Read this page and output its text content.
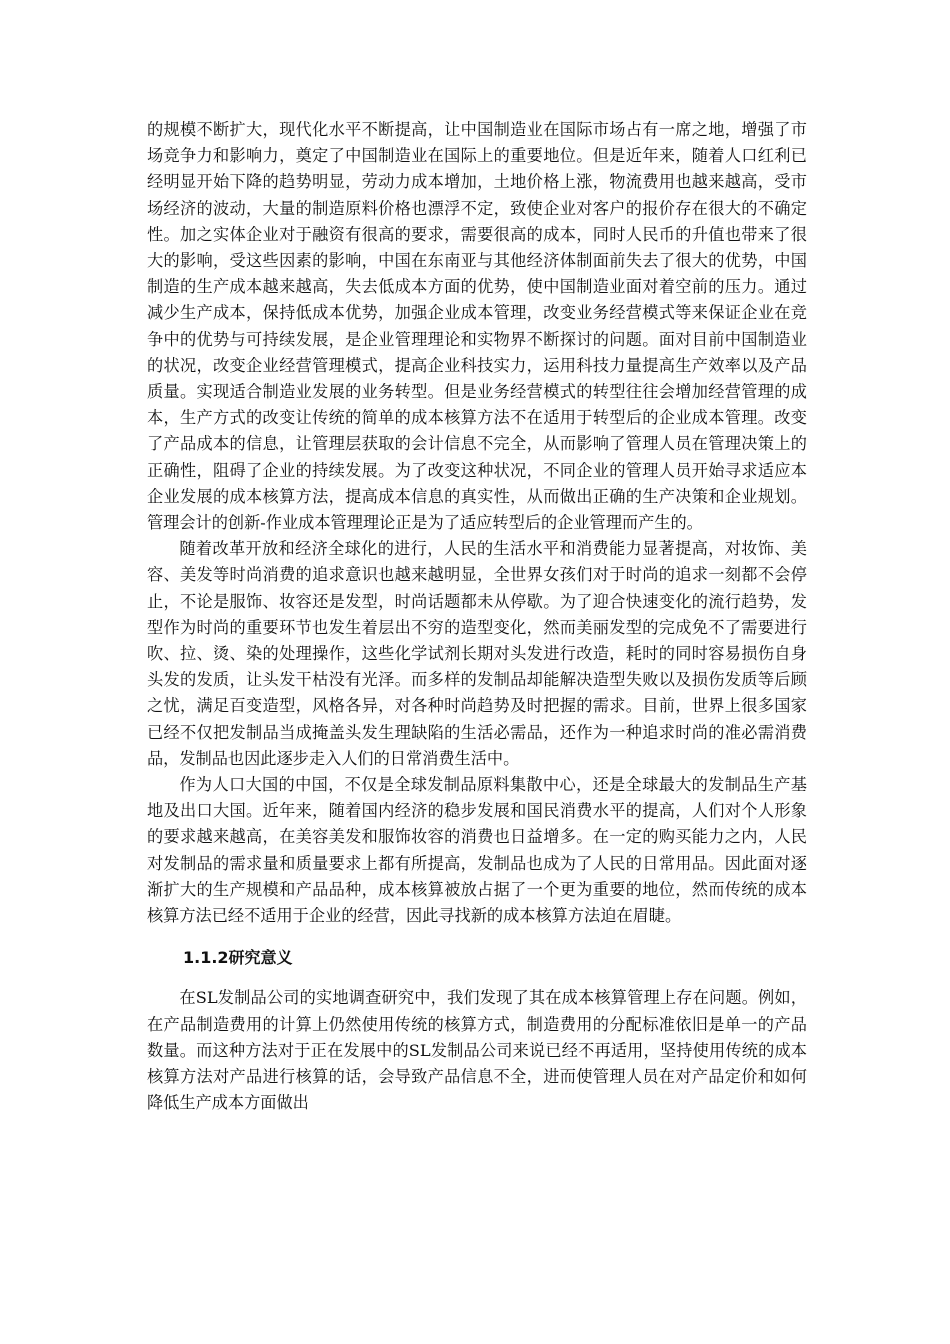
的规模不断扩大，现代化水平不断提高，让中国制造业在国际市场占有一席之地，增强了市场竞争力和影响力，奠定了中国制造业在国际上的重要地位。但是近年来，随着人口红利已经明显开始下降的趋势明显，劳动力成本增加，土地价格上涨，物流费用也越来越高，受市场经济的波动，大量的制造原料价格也漂浮不定，致使企业对客户的报价存在很大的不确定性。加之实体企业对于融资有很高的要求，需要很高的成本，同时人民币的升值也带来了很大的影响，受这些因素的影响，中国在东南亚与其他经济体制面前失去了很大的优势，中国制造的生产成本越来越高，失去低成本方面的优势，使中国制造业面对着空前的压力。通过减少生产成本，保持低成本优势，加强企业成本管理，改变业务经营模式等来保证企业在竞争中的优势与可持续发展，是企业管理理论和实物界不断探讨的问题。面对目前中国制造业的状况，改变企业经营管理模式，提高企业科技实力，运用科技力量提高生产效率以及产品质量。实现适合制造业发展的业务转型。但是业务经营模式的转型往往会增加经营管理的成本，生产方式的改变让传统的简单的成本核算方法不在适用于转型后的企业成本管理。改变了产品成本的信息，让管理层获取的会计信息不完全，从而影响了管理人员在管理决策上的正确性，阻碍了企业的持续发展。为了改变这种状况，不同企业的管理人员开始寻求适应本企业发展的成本核算方法，提高成本信息的真实性，从而做出正确的生产决策和企业规划。管理会计的创新-作业成本管理理论正是为了适应转型后的企业管理而产生的。

随着改革开放和经济全球化的进行，人民的生活水平和消费能力显著提高，对妆饰、美容、美发等时尚消费的追求意识也越来越明显，全世界女孩们对于时尚的追求一刻都不会停止，不论是服饰、妆容还是发型，时尚话题都未从停歇。为了迎合快速变化的流行趋势，发型作为时尚的重要环节也发生着层出不穷的造型变化，然而美丽发型的完成免不了需要进行吹、拉、烫、染的处理操作，这些化学试剂长期对头发进行改造，耗时的同时容易损伤自身头发的发质，让头发干枯没有光泽。而多样的发制品却能解决造型失败以及损伤发质等后顾之忧，满足百变造型，风格各异，对各种时尚趋势及时把握的需求。目前，世界上很多国家已经不仅把发制品当成掩盖头发生理缺陷的生活必需品，还作为一种追求时尚的准必需消费品，发制品也因此逐步走入人们的日常消费生活中。

作为人口大国的中国，不仅是全球发制品原料集散中心，还是全球最大的发制品生产基地及出口大国。近年来，随着国内经济的稳步发展和国民消费水平的提高，人们对个人形象的要求越来越高，在美容美发和服饰妆容的消费也日益增多。在一定的购买能力之内，人民对发制品的需求量和质量要求上都有所提高，发制品也成为了人民的日常用品。因此面对逐渐扩大的生产规模和产品品种，成本核算被放占据了一个更为重要的地位，然而传统的成本核算方法已经不适用于企业的经营，因此寻找新的成本核算方法迫在眉睫。

1.1.2研究意义

在SL发制品公司的实地调查研究中，我们发现了其在成本核算管理上存在问题。例如，在产品制造费用的计算上仍然使用传统的核算方式，制造费用的分配标准依旧是单一的产品数量。而这种方法对于正在发展中的SL发制品公司来说已经不再适用，坚持使用传统的成本核算方法对产品进行核算的话，会导致产品信息不全，进而使管理人员在对产品定价和如何降低生产成本方面做出
